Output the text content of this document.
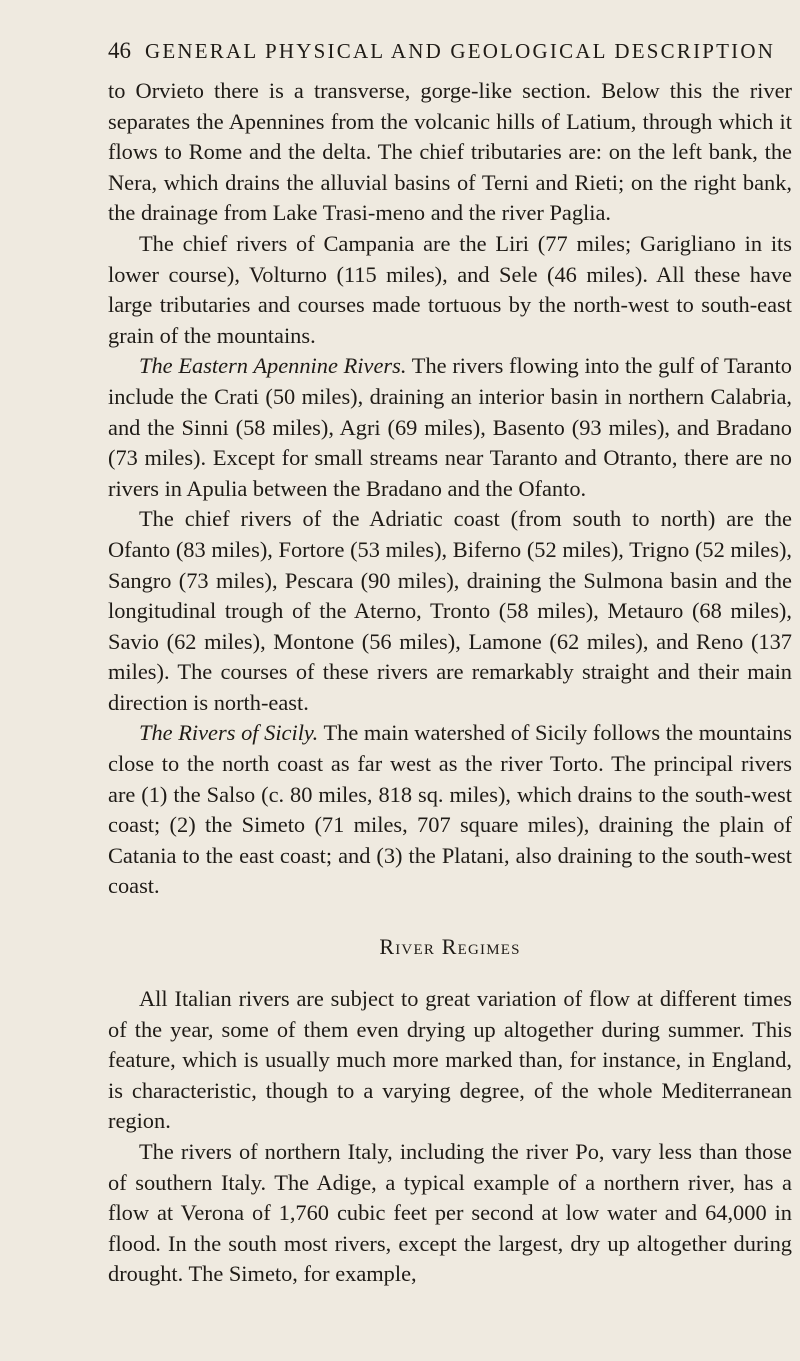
46 GENERAL PHYSICAL AND GEOLOGICAL DESCRIPTION

to Orvieto there is a transverse, gorge-like section. Below this the river separates the Apennines from the volcanic hills of Latium, through which it flows to Rome and the delta. The chief tributaries are: on the left bank, the Nera, which drains the alluvial basins of Terni and Rieti; on the right bank, the drainage from Lake Trasi-meno and the river Paglia.

The chief rivers of Campania are the Liri (77 miles; Garigliano in its lower course), Volturno (115 miles), and Sele (46 miles). All these have large tributaries and courses made tortuous by the north-west to south-east grain of the mountains.

The Eastern Apennine Rivers. The rivers flowing into the gulf of Taranto include the Crati (50 miles), draining an interior basin in northern Calabria, and the Sinni (58 miles), Agri (69 miles), Basento (93 miles), and Bradano (73 miles). Except for small streams near Taranto and Otranto, there are no rivers in Apulia between the Bradano and the Ofanto.

The chief rivers of the Adriatic coast (from south to north) are the Ofanto (83 miles), Fortore (53 miles), Biferno (52 miles), Trigno (52 miles), Sangro (73 miles), Pescara (90 miles), draining the Sulmona basin and the longitudinal trough of the Aterno, Tronto (58 miles), Metauro (68 miles), Savio (62 miles), Montone (56 miles), Lamone (62 miles), and Reno (137 miles). The courses of these rivers are remarkably straight and their main direction is north-east.

The Rivers of Sicily. The main watershed of Sicily follows the mountains close to the north coast as far west as the river Torto. The principal rivers are (1) the Salso (c. 80 miles, 818 sq. miles), which drains to the south-west coast; (2) the Simeto (71 miles, 707 square miles), draining the plain of Catania to the east coast; and (3) the Platani, also draining to the south-west coast.

River Regimes

All Italian rivers are subject to great variation of flow at different times of the year, some of them even drying up altogether during summer. This feature, which is usually much more marked than, for instance, in England, is characteristic, though to a varying degree, of the whole Mediterranean region.

The rivers of northern Italy, including the river Po, vary less than those of southern Italy. The Adige, a typical example of a northern river, has a flow at Verona of 1,760 cubic feet per second at low water and 64,000 in flood. In the south most rivers, except the largest, dry up altogether during drought. The Simeto, for example,
